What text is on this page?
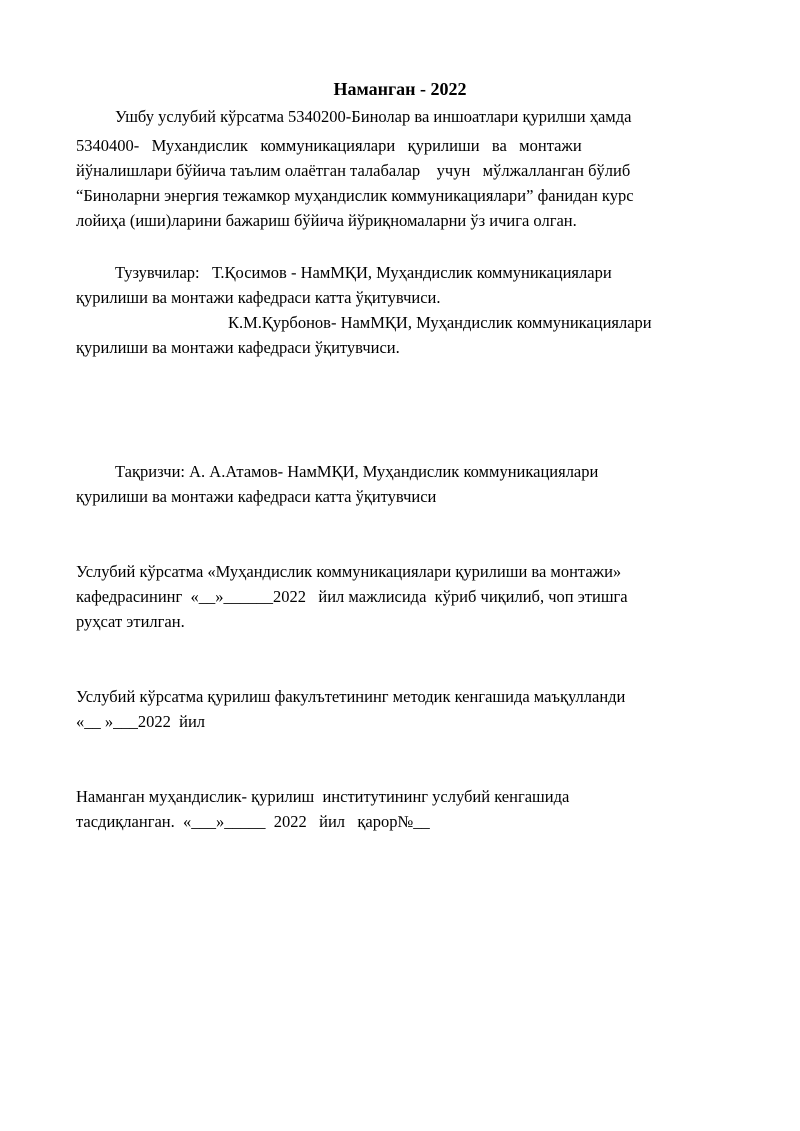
Наманган - 2022
Ушбу услубий кўрсатма 5340200-Бинолар ва иншоатлари қурилши ҳамда
5340400-   Мухандислик   коммуникациялари   қурилиши   ва   монтажи
йўналишлари бўйича таълим олаётган талабалар    учун   мўлжалланган бўлиб
“Биноларни энергия тежамкор муҳандислик коммуникациялари” фанидан курс
лойиҳа (иши)ларини бажариш бўйича йўриқномаларни ўз ичига олган.
Тузувчилар:   Т.Қосимов - НамМҚИ, Муҳандислик коммуникациялари
қурилиши ва монтажи кафедраси катта ўқитувчиси.
К.М.Қурбонов- НамМҚИ, Муҳандислик коммуникациялари
қурилиши ва монтажи кафедраси ўқитувчиси.
Тақризчи: А. А.Атамов- НамМҚИ, Муҳандислик коммуникациялари
қурилиши ва монтажи кафедраси катта ўқитувчиси
Услубий кўрсатма «Муҳандислик коммуникациялари қурилиши ва монтажи»
кафедрасининг  «__»______2022   йил мажлисида  кўриб чиқилиб, чоп этишга
руҳсат этилган.
Услубий кўрсатма қурилиш факулътетининг методик кенгашида маъқулланди
«__ »___2022  йил
Наманган муҳандислик- қурилиш  институтининг услубий кенгашида
тасдиқланган.  «___»_____  2022   йил   қарор№__
